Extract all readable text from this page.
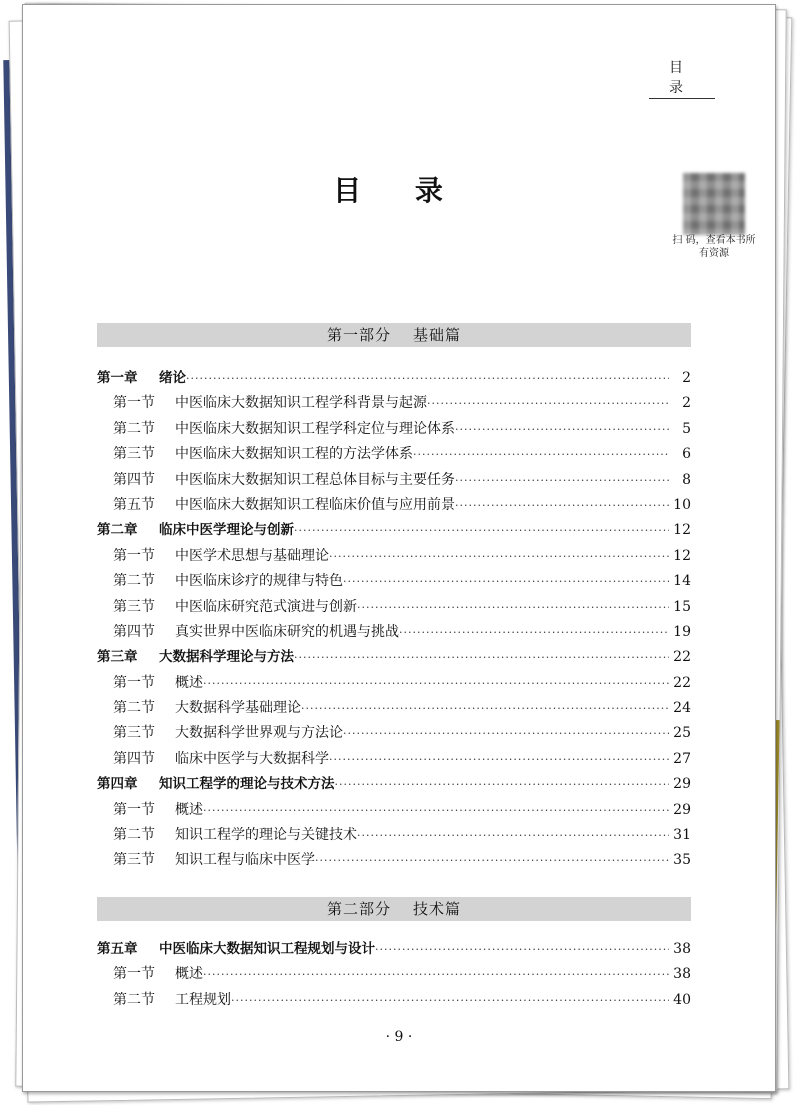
目 录
目 录
扫 码，查看本书所有资源
第一部分 基础篇
第一章	绪论 ·····	2
第一节	中医临床大数据知识工程学科背景与起源 ·····	2
第二节	中医临床大数据知识工程学科定位与理论体系 ·····	5
第三节	中医临床大数据知识工程的方法学体系 ·····	6
第四节	中医临床大数据知识工程总体目标与主要任务 ·····	8
第五节	中医临床大数据知识工程临床价值与应用前景 ·····	10
第二章	临床中医学理论与创新 ·····	12
第一节	中医学术思想与基础理论 ·····	12
第二节	中医临床诊疗的规律与特色 ·····	14
第三节	中医临床研究范式演进与创新 ·····	15
第四节	真实世界中医临床研究的机遇与挑战 ·····	19
第三章	大数据科学理论与方法 ·····	22
第一节	概述 ·····	22
第二节	大数据科学基础理论 ·····	24
第三节	大数据科学世界观与方法论 ·····	25
第四节	临床中医学与大数据科学 ·····	27
第四章	知识工程学的理论与技术方法 ·····	29
第一节	概述 ·····	29
第二节	知识工程学的理论与关键技术 ·····	31
第三节	知识工程与临床中医学 ·····	35
第二部分 技术篇
第五章	中医临床大数据知识工程规划与设计 ·····	38
第一节	概述 ·····	38
第二节	工程规划 ·····	40
· 9 ·
